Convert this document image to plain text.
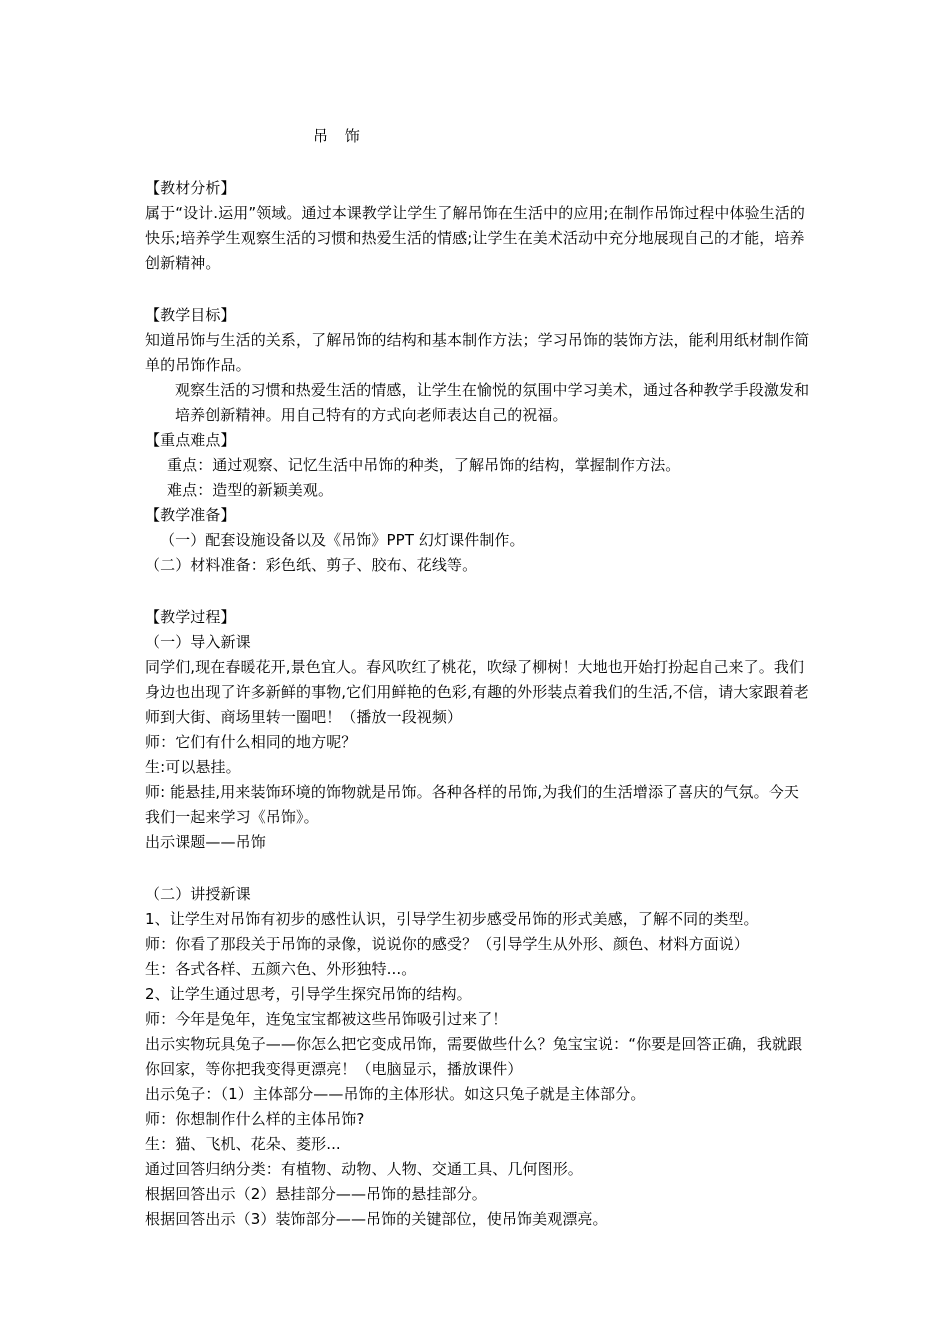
吊 饰

【教材分析】

属于“设计.运用”领域。通过本课教学让学生了解吊饰在生活中的应用;在制作吊饰过程中体验生活的快乐;培养学生观察生活的习惯和热爱生活的情感;让学生在美术活动中充分地展现自己的才能，培养创新精神。

【教学目标】

知道吊饰与生活的关系，了解吊饰的结构和基本制作方法；学习吊饰的装饰方法，能利用纸材制作简单的吊饰作品。

观察生活的习惯和热爱生活的情感，让学生在愉悦的氛围中学习美术，通过各种教学手段激发和培养创新精神。用自己特有的方式向老师表达自己的祝福。

【重点难点】

重点：通过观察、记忆生活中吊饰的种类，了解吊饰的结构，掌握制作方法。

难点：造型的新颖美观。

【教学准备】

（一）配套设施设备以及《吊饰》PPT 幻灯课件制作。

（二）材料准备：彩色纸、剪子、胶布、花线等。

【教学过程】

（一）导入新课

同学们,现在春暖花开,景色宜人。春风吹红了桃花，吹绿了柳树！大地也开始打扮起自己来了。我们身边也出现了许多新鲜的事物,它们用鲜艳的色彩,有趣的外形装点着我们的生活,不信，请大家跟着老师到大街、商场里转一圈吧！（播放一段视频）

师：它们有什么相同的地方呢？

生:可以悬挂。

师: 能悬挂,用来装饰环境的饰物就是吊饰。各种各样的吊饰,为我们的生活增添了喜庆的气氛。今天我们一起来学习《吊饰》。

出示课题——吊饰

（二）讲授新课

1、让学生对吊饰有初步的感性认识，引导学生初步感受吊饰的形式美感，了解不同的类型。

师：你看了那段关于吊饰的录像，说说你的感受？（引导学生从外形、颜色、材料方面说）

生：各式各样、五颜六色、外形独特...。

2、让学生通过思考，引导学生探究吊饰的结构。

师：今年是兔年，连兔宝宝都被这些吊饰吸引过来了！

出示实物玩具兔子——你怎么把它变成吊饰，需要做些什么？兔宝宝说：“你要是回答正确，我就跟你回家，等你把我变得更漂亮！（电脑显示，播放课件）

出示兔子：（1）主体部分——吊饰的主体形状。如这只兔子就是主体部分。

师：你想制作什么样的主体吊饰?

生：猫、飞机、花朵、菱形...

通过回答归纳分类：有植物、动物、人物、交通工具、几何图形。

根据回答出示（2）悬挂部分——吊饰的悬挂部分。

根据回答出示（3）装饰部分——吊饰的关键部位，使吊饰美观漂亮。
